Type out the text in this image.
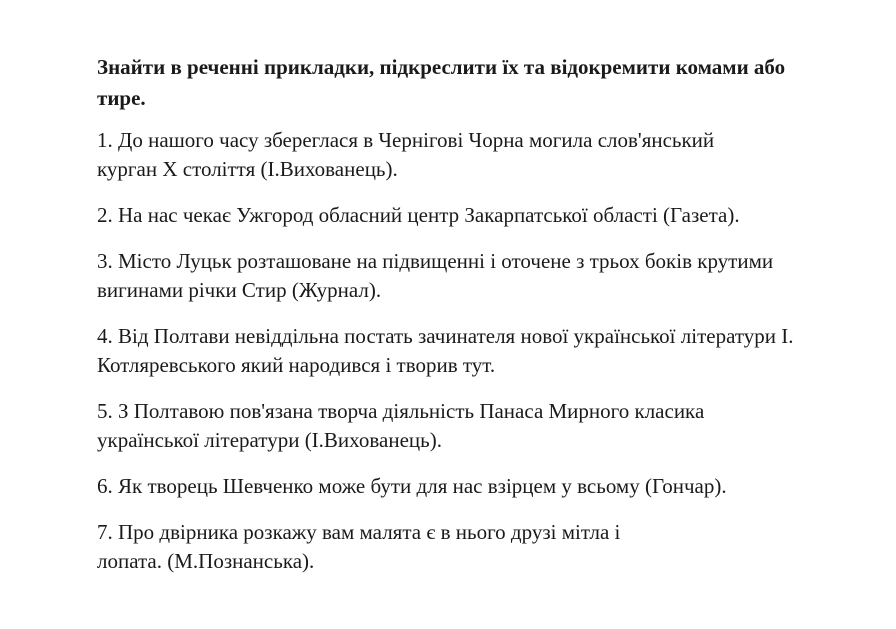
Знайти в реченні прикладки, підкреслити їх та відокремити комами або
тире.

1. До нашого часу збереглася в Чернігові Чорна могила слов'янський
курган X століття (І.Вихованець).
2. На нас чекає Ужгород обласний центр Закарпатської області (Газета).
3. Місто Луцьк розташоване на підвищенні і оточене з трьох боків крутими
вигинами річки Стир (Журнал).
4. Від Полтави невіддільна постать зачинателя нової української літератури І.
Котляревського який народився і творив тут.
5. З Полтавою пов'язана творча діяльність Панаса Мирного класика
української літератури (І.Вихованець).
6. Як творець Шевченко може бути для нас взірцем у всьому (Гончар).
7. Про двірника розкажу вам малята є в нього друзі мітла і
лопата. (М.Познанська).
